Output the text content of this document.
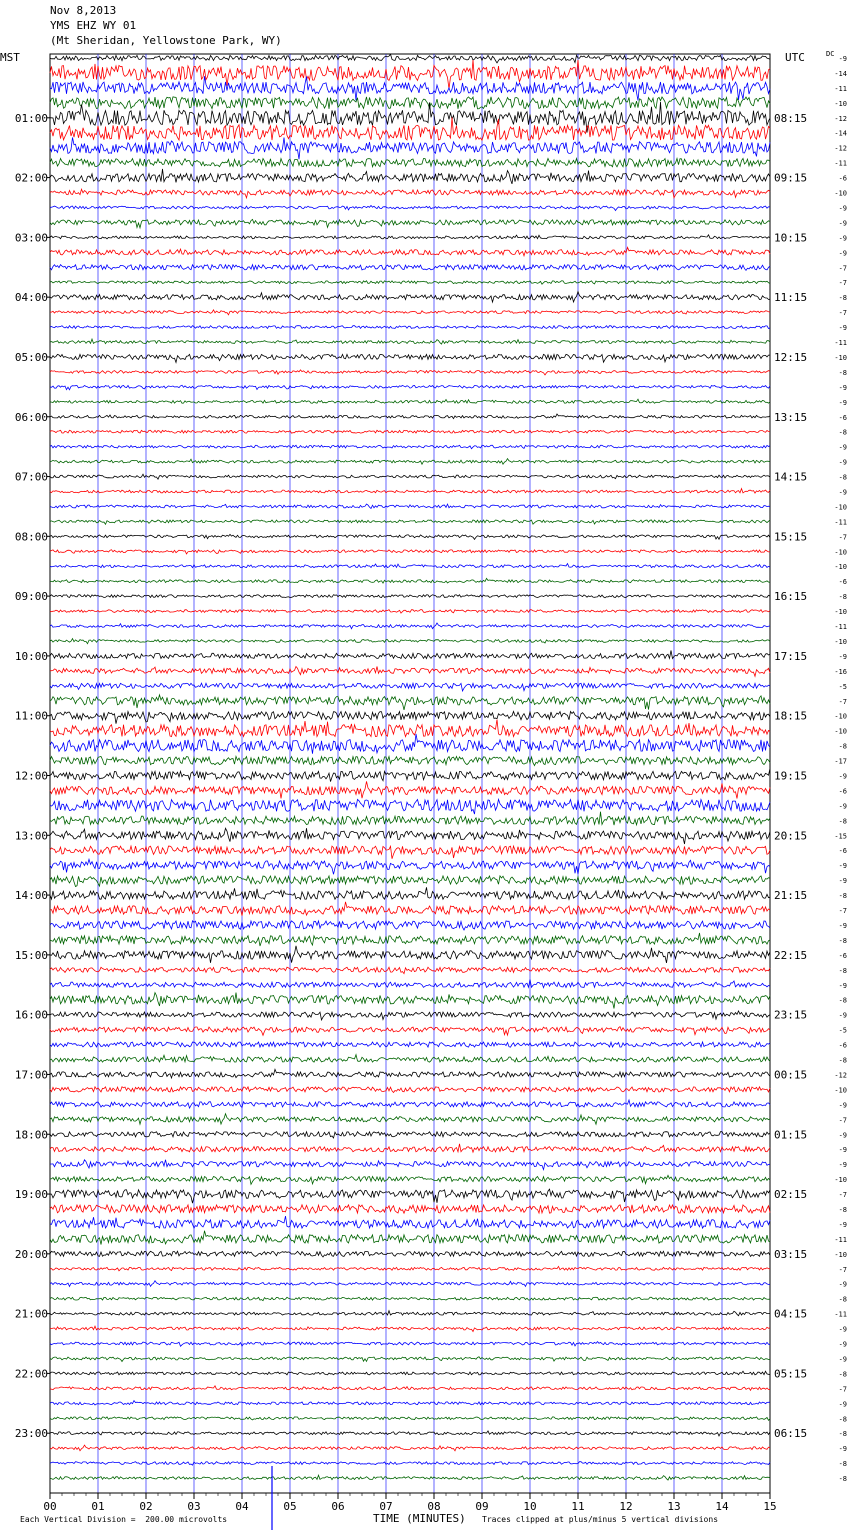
Nov 8,2013
YMS EHZ WY 01
(Mt Sheridan, Yellowstone Park, WY)
MST	UTC	DC
-9
-14
-11
-10
-12
-14
-12
-11
-6
-10
-9
-9
-9
-9
-7
-7
-8
-7
-9
-11
-10
-8
-9
-9
-6
-8
-9
-9
-8
-9
-10
-11
-7
-10
-10
-6
-8
-10
-11
-10
-9
-16
-5
-7
-10
-10
-8
-17
-9
-6
-9
-8
-15
-6
-9
-9
-8
-7
-9
-8
-6
-8
-9
-8
-9
-5
-6
-8
-12
-10
-9
-7
-9
-9
-9
-10
-7
-8
-9
-11
-10
-7
-9
-8
-11
-9
-9
-9
-8
-7
-9
-8
-8
-9
-8
-8
01:00
02:00
03:00
04:00
05:00
06:00
07:00
08:00
09:00
10:00
11:00
12:00
13:00
14:00
15:00
16:00
17:00
18:00
19:00
20:00
21:00
22:00
23:00
08:15
09:15
10:15
11:15
12:15
13:15
14:15
15:15
16:15
17:15
18:15
19:15
20:15
21:15
22:15
23:15
00:15
01:15
02:15
03:15
04:15
05:15
06:15
00	01	02	03	04	05	06	07	08	09	10	11	12	13	14	15
Each Vertical Division =  200.00 microvolts	TIME (MINUTES) Traces clipped at plus/minus 5 vertical divisions
